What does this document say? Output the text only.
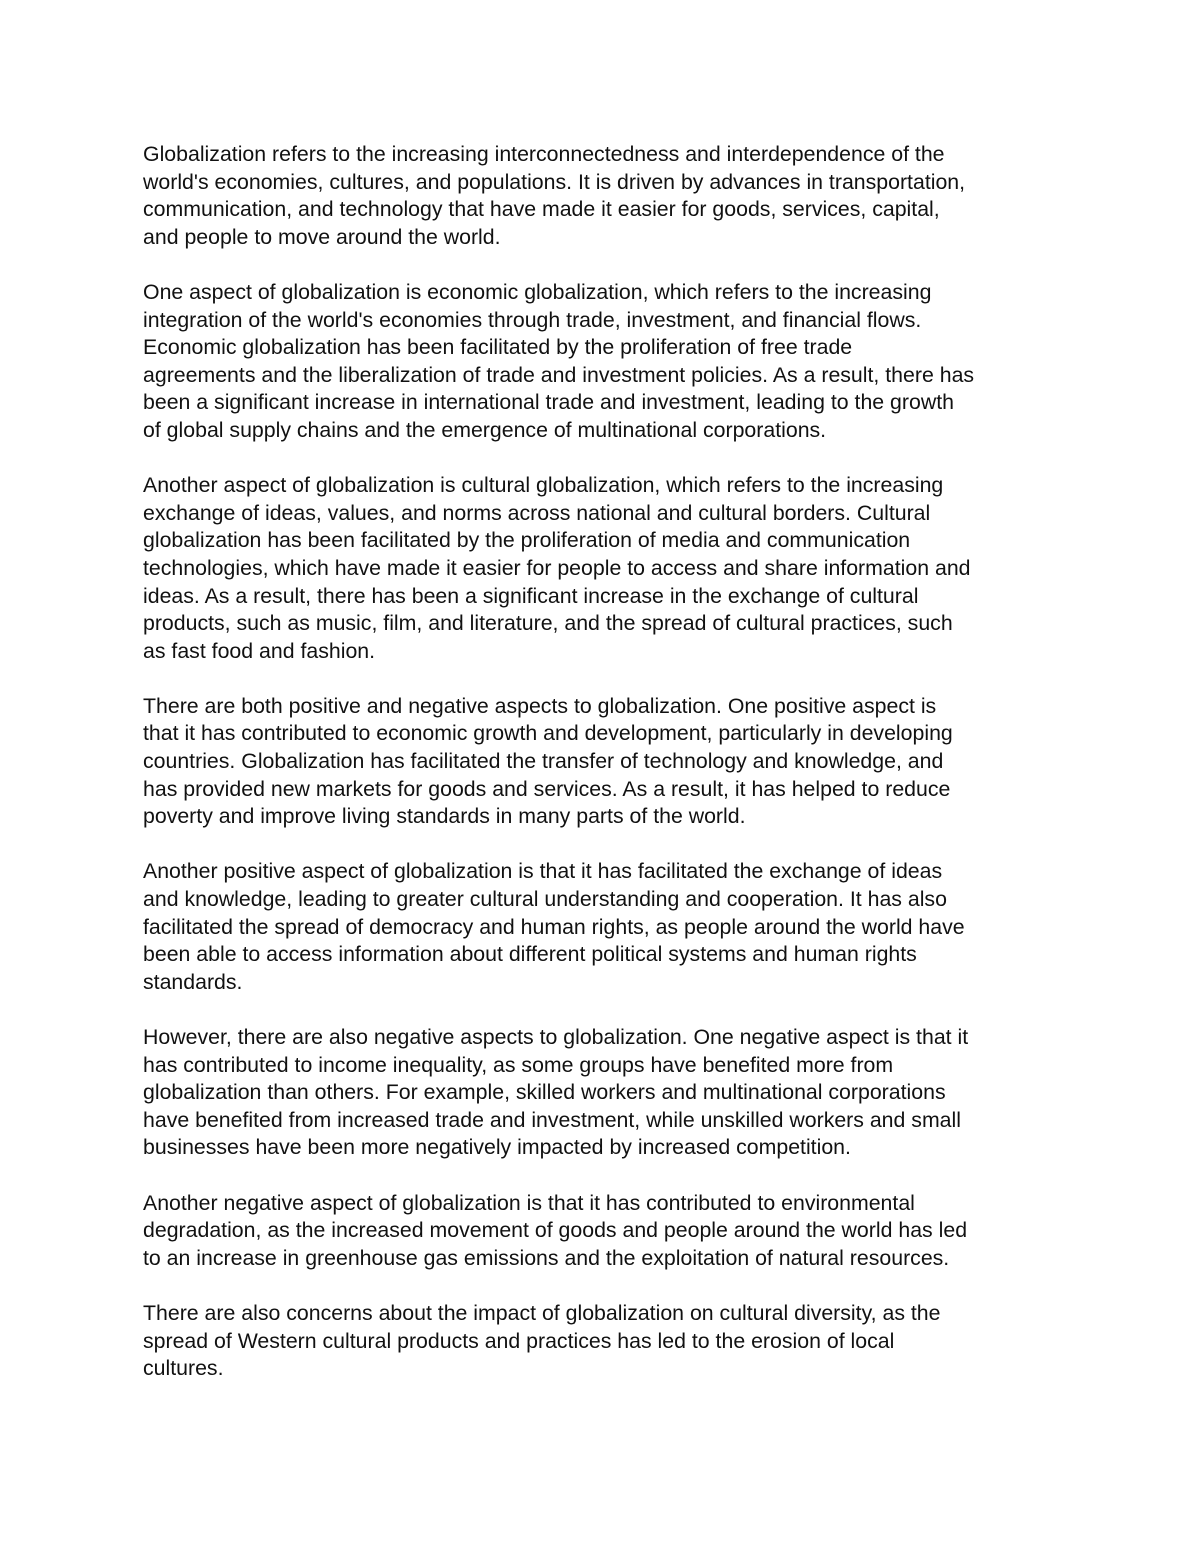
Globalization refers to the increasing interconnectedness and interdependence of the
world's economies, cultures, and populations. It is driven by advances in transportation,
communication, and technology that have made it easier for goods, services, capital,
and people to move around the world.

One aspect of globalization is economic globalization, which refers to the increasing
integration of the world's economies through trade, investment, and financial flows.
Economic globalization has been facilitated by the proliferation of free trade
agreements and the liberalization of trade and investment policies. As a result, there has
been a significant increase in international trade and investment, leading to the growth
of global supply chains and the emergence of multinational corporations.

Another aspect of globalization is cultural globalization, which refers to the increasing
exchange of ideas, values, and norms across national and cultural borders. Cultural
globalization has been facilitated by the proliferation of media and communication
technologies, which have made it easier for people to access and share information and
ideas. As a result, there has been a significant increase in the exchange of cultural
products, such as music, film, and literature, and the spread of cultural practices, such
as fast food and fashion.

There are both positive and negative aspects to globalization. One positive aspect is
that it has contributed to economic growth and development, particularly in developing
countries. Globalization has facilitated the transfer of technology and knowledge, and
has provided new markets for goods and services. As a result, it has helped to reduce
poverty and improve living standards in many parts of the world.

Another positive aspect of globalization is that it has facilitated the exchange of ideas
and knowledge, leading to greater cultural understanding and cooperation. It has also
facilitated the spread of democracy and human rights, as people around the world have
been able to access information about different political systems and human rights
standards.

However, there are also negative aspects to globalization. One negative aspect is that it
has contributed to income inequality, as some groups have benefited more from
globalization than others. For example, skilled workers and multinational corporations
have benefited from increased trade and investment, while unskilled workers and small
businesses have been more negatively impacted by increased competition.

Another negative aspect of globalization is that it has contributed to environmental
degradation, as the increased movement of goods and people around the world has led
to an increase in greenhouse gas emissions and the exploitation of natural resources.

There are also concerns about the impact of globalization on cultural diversity, as the
spread of Western cultural products and practices has led to the erosion of local
cultures.
